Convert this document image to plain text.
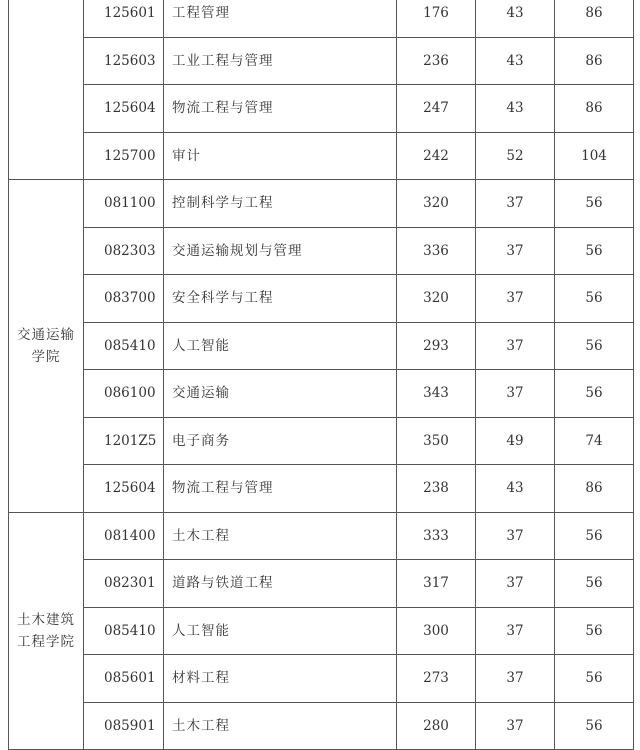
	125601	工程管理	176	43	86
	125603	工业工程与管理	236	43	86
	125604	物流工程与管理	247	43	86
	125700	审计	242	52	104
交通运输学院	081100	控制科学与工程	320	37	56
	082303	交通运输规划与管理	336	37	56
	083700	安全科学与工程	320	37	56
	085410	人工智能	293	37	56
	086100	交通运输	343	37	56
	1201Z5	电子商务	350	49	74
	125604	物流工程与管理	238	43	86
土木建筑工程学院	081400	土木工程	333	37	56
	082301	道路与铁道工程	317	37	56
	085410	人工智能	300	37	56
	085601	材料工程	273	37	56
	085901	土木工程	280	37	56
